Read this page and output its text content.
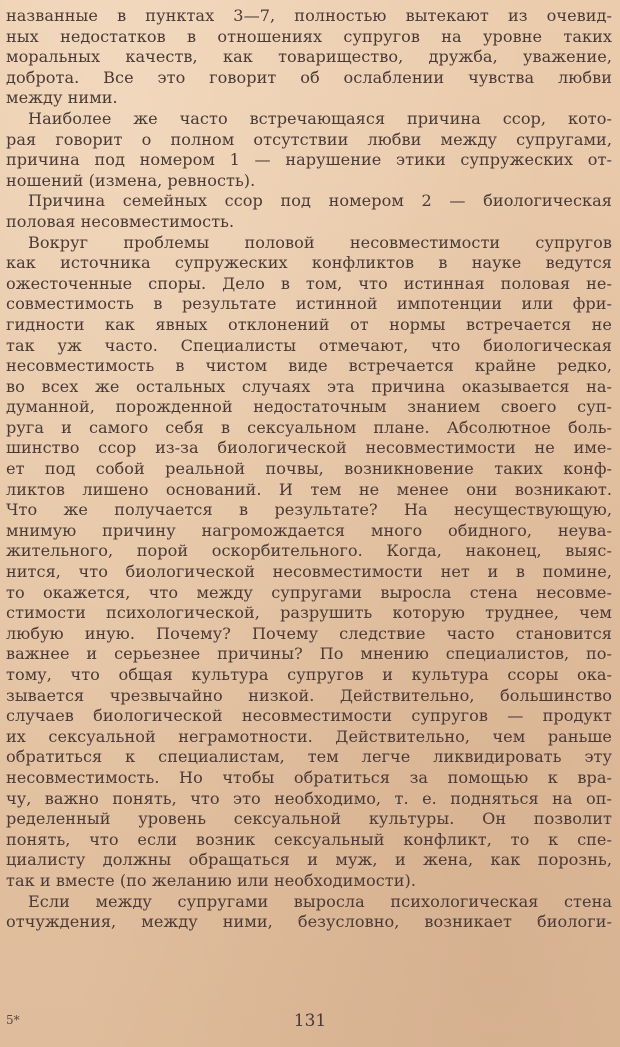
названные в пунктах 3—7, полностью вытекают из очевид-
ных недостатков в отношениях супругов на уровне таких
моральных качеств, как товарищество, дружба, уважение,
доброта. Все это говорит об ослаблении чувства любви
между ними.
Наиболее же часто встречающаяся причина ссор, кото-
рая говорит о полном отсутствии любви между супругами,
причина под номером 1 — нарушение этики супружеских от-
ношений (измена, ревность).
Причина семейных ссор под номером 2 — биологическая
половая несовместимость.
Вокруг проблемы половой несовместимости супругов
как источника супружеских конфликтов в науке ведутся
ожесточенные споры. Дело в том, что истинная половая не-
совместимость в результате истинной импотенции или фри-
гидности как явных отклонений от нормы встречается не
так уж часто. Специалисты отмечают, что биологическая
несовместимость в чистом виде встречается крайне редко,
во всех же остальных случаях эта причина оказывается на-
думанной, порожденной недостаточным знанием своего суп-
руга и самого себя в сексуальном плане. Абсолютное боль-
шинство ссор из-за биологической несовместимости не име-
ет под собой реальной почвы, возникновение таких конф-
ликтов лишено оснований. И тем не менее они возникают.
Что же получается в результате? На несуществующую,
мнимую причину нагромождается много обидного, неува-
жительного, порой оскорбительного. Когда, наконец, выяс-
нится, что биологической несовместимости нет и в помине,
то окажется, что между супругами выросла стена несовме-
стимости психологической, разрушить которую труднее, чем
любую иную. Почему? Почему следствие часто становится
важнее и серьезнее причины? По мнению специалистов, по-
тому, что общая культура супругов и культура ссоры ока-
зывается чрезвычайно низкой. Действительно, большинство
случаев биологической несовместимости супругов — продукт
их сексуальной неграмотности. Действительно, чем раньше
обратиться к специалистам, тем легче ликвидировать эту
несовместимость. Но чтобы обратиться за помощью к вра-
чу, важно понять, что это необходимо, т. е. подняться на оп-
ределенный уровень сексуальной культуры. Он позволит
понять, что если возник сексуальный конфликт, то к спе-
циалисту должны обращаться и муж, и жена, как порознь,
так и вместе (по желанию или необходимости).
Если между супругами выросла психологическая стена
отчуждения, между ними, безусловно, возникает биологи-
5*	131
